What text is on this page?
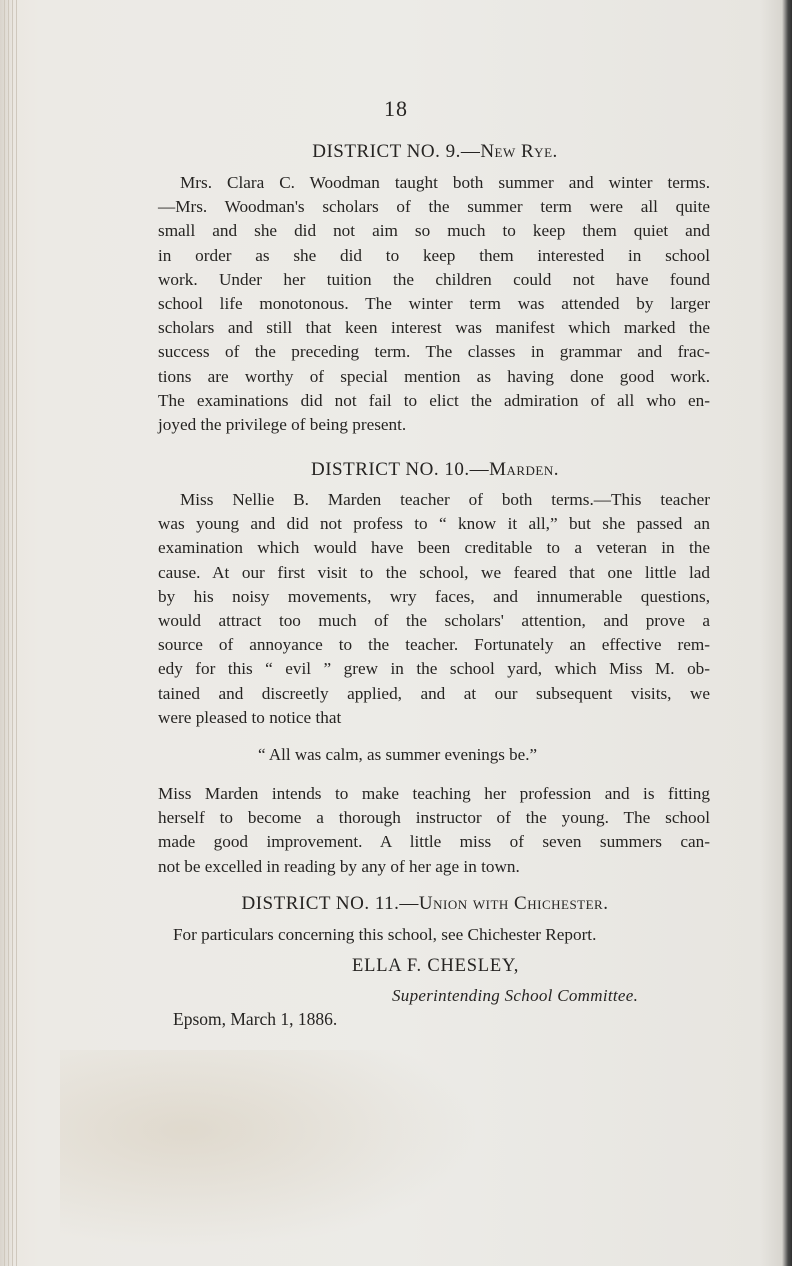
18
DISTRICT NO. 9.—New Rye.
Mrs. Clara C. Woodman taught both summer and winter terms.
—Mrs. Woodman's scholars of the summer term were all quite
small and she did not aim so much to keep them quiet and
in order as she did to keep them interested in school
work. Under her tuition the children could not have found
school life monotonous. The winter term was attended by larger
scholars and still that keen interest was manifest which marked the
success of the preceding term. The classes in grammar and frac-
tions are worthy of special mention as having done good work.
The examinations did not fail to elict the admiration of all who en-
joyed the privilege of being present.
DISTRICT NO. 10.—Marden.
Miss Nellie B. Marden teacher of both terms.—This teacher
was young and did not profess to “ know it all,” but she passed an
examination which would have been creditable to a veteran in the
cause. At our first visit to the school, we feared that one little lad
by his noisy movements, wry faces, and innumerable questions,
would attract too much of the scholars' attention, and prove a
source of annoyance to the teacher. Fortunately an effective rem-
edy for this “ evil ” grew in the school yard, which Miss M. ob-
tained and discreetly applied, and at our subsequent visits, we
were pleased to notice that
“ All was calm, as summer evenings be.”
Miss Marden intends to make teaching her profession and is fitting
herself to become a thorough instructor of the young. The school
made good improvement. A little miss of seven summers can-
not be excelled in reading by any of her age in town.
DISTRICT NO. 11.—Union with Chichester.
For particulars concerning this school, see Chichester Report.
ELLA F. CHESLEY,
Superintending School Committee.
Epsom, March 1, 1886.
